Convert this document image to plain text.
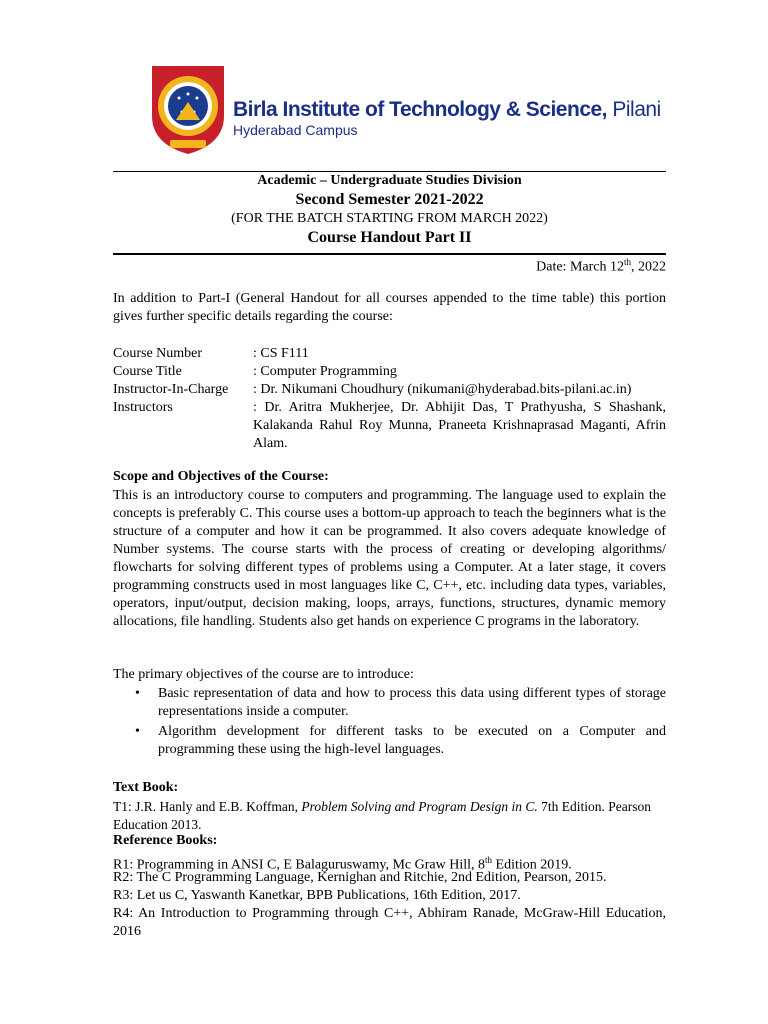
Birla Institute of Technology & Science, Pilani
Hyderabad Campus
Academic – Undergraduate Studies Division
Second Semester 2021-2022
(FOR THE BATCH STARTING FROM MARCH 2022)
Course Handout Part II
Date: March 12th, 2022
In addition to Part-I (General Handout for all courses appended to the time table) this portion gives further specific details regarding the course:
Course Number	: CS F111
Course Title	: Computer Programming
Instructor-In-Charge	: Dr. Nikumani Choudhury (nikumani@hyderabad.bits-pilani.ac.in)
Instructors	: Dr. Aritra Mukherjee, Dr. Abhijit Das, T Prathyusha, S Shashank, Kalakanda Rahul Roy Munna, Praneeta Krishnaprasad Maganti, Afrin Alam.
Scope and Objectives of the Course:
This is an introductory course to computers and programming. The language used to explain the concepts is preferably C. This course uses a bottom-up approach to teach the beginners what is the structure of a computer and how it can be programmed. It also covers adequate knowledge of Number systems. The course starts with the process of creating or developing algorithms/ flowcharts for solving different types of problems using a Computer. At a later stage, it covers programming constructs used in most languages like C, C++, etc. including data types, variables, operators, input/output, decision making, loops, arrays, functions, structures, dynamic memory allocations, file handling. Students also get hands on experience C programs in the laboratory.
The primary objectives of the course are to introduce:
• Basic representation of data and how to process this data using different types of storage representations inside a computer.
• Algorithm development for different tasks to be executed on a Computer and programming these using the high-level languages.
Text Book:
T1: J.R. Hanly and E.B. Koffman, Problem Solving and Program Design in C. 7th Edition. Pearson Education 2013.
Reference Books:
R1: Programming in ANSI C, E Balaguruswamy, Mc Graw Hill, 8th Edition 2019.
R2: The C Programming Language, Kernighan and Ritchie, 2nd Edition, Pearson, 2015.
R3: Let us C, Yaswanth Kanetkar, BPB Publications, 16th Edition, 2017.
R4: An Introduction to Programming through C++, Abhiram Ranade, McGraw-Hill Education, 2016
